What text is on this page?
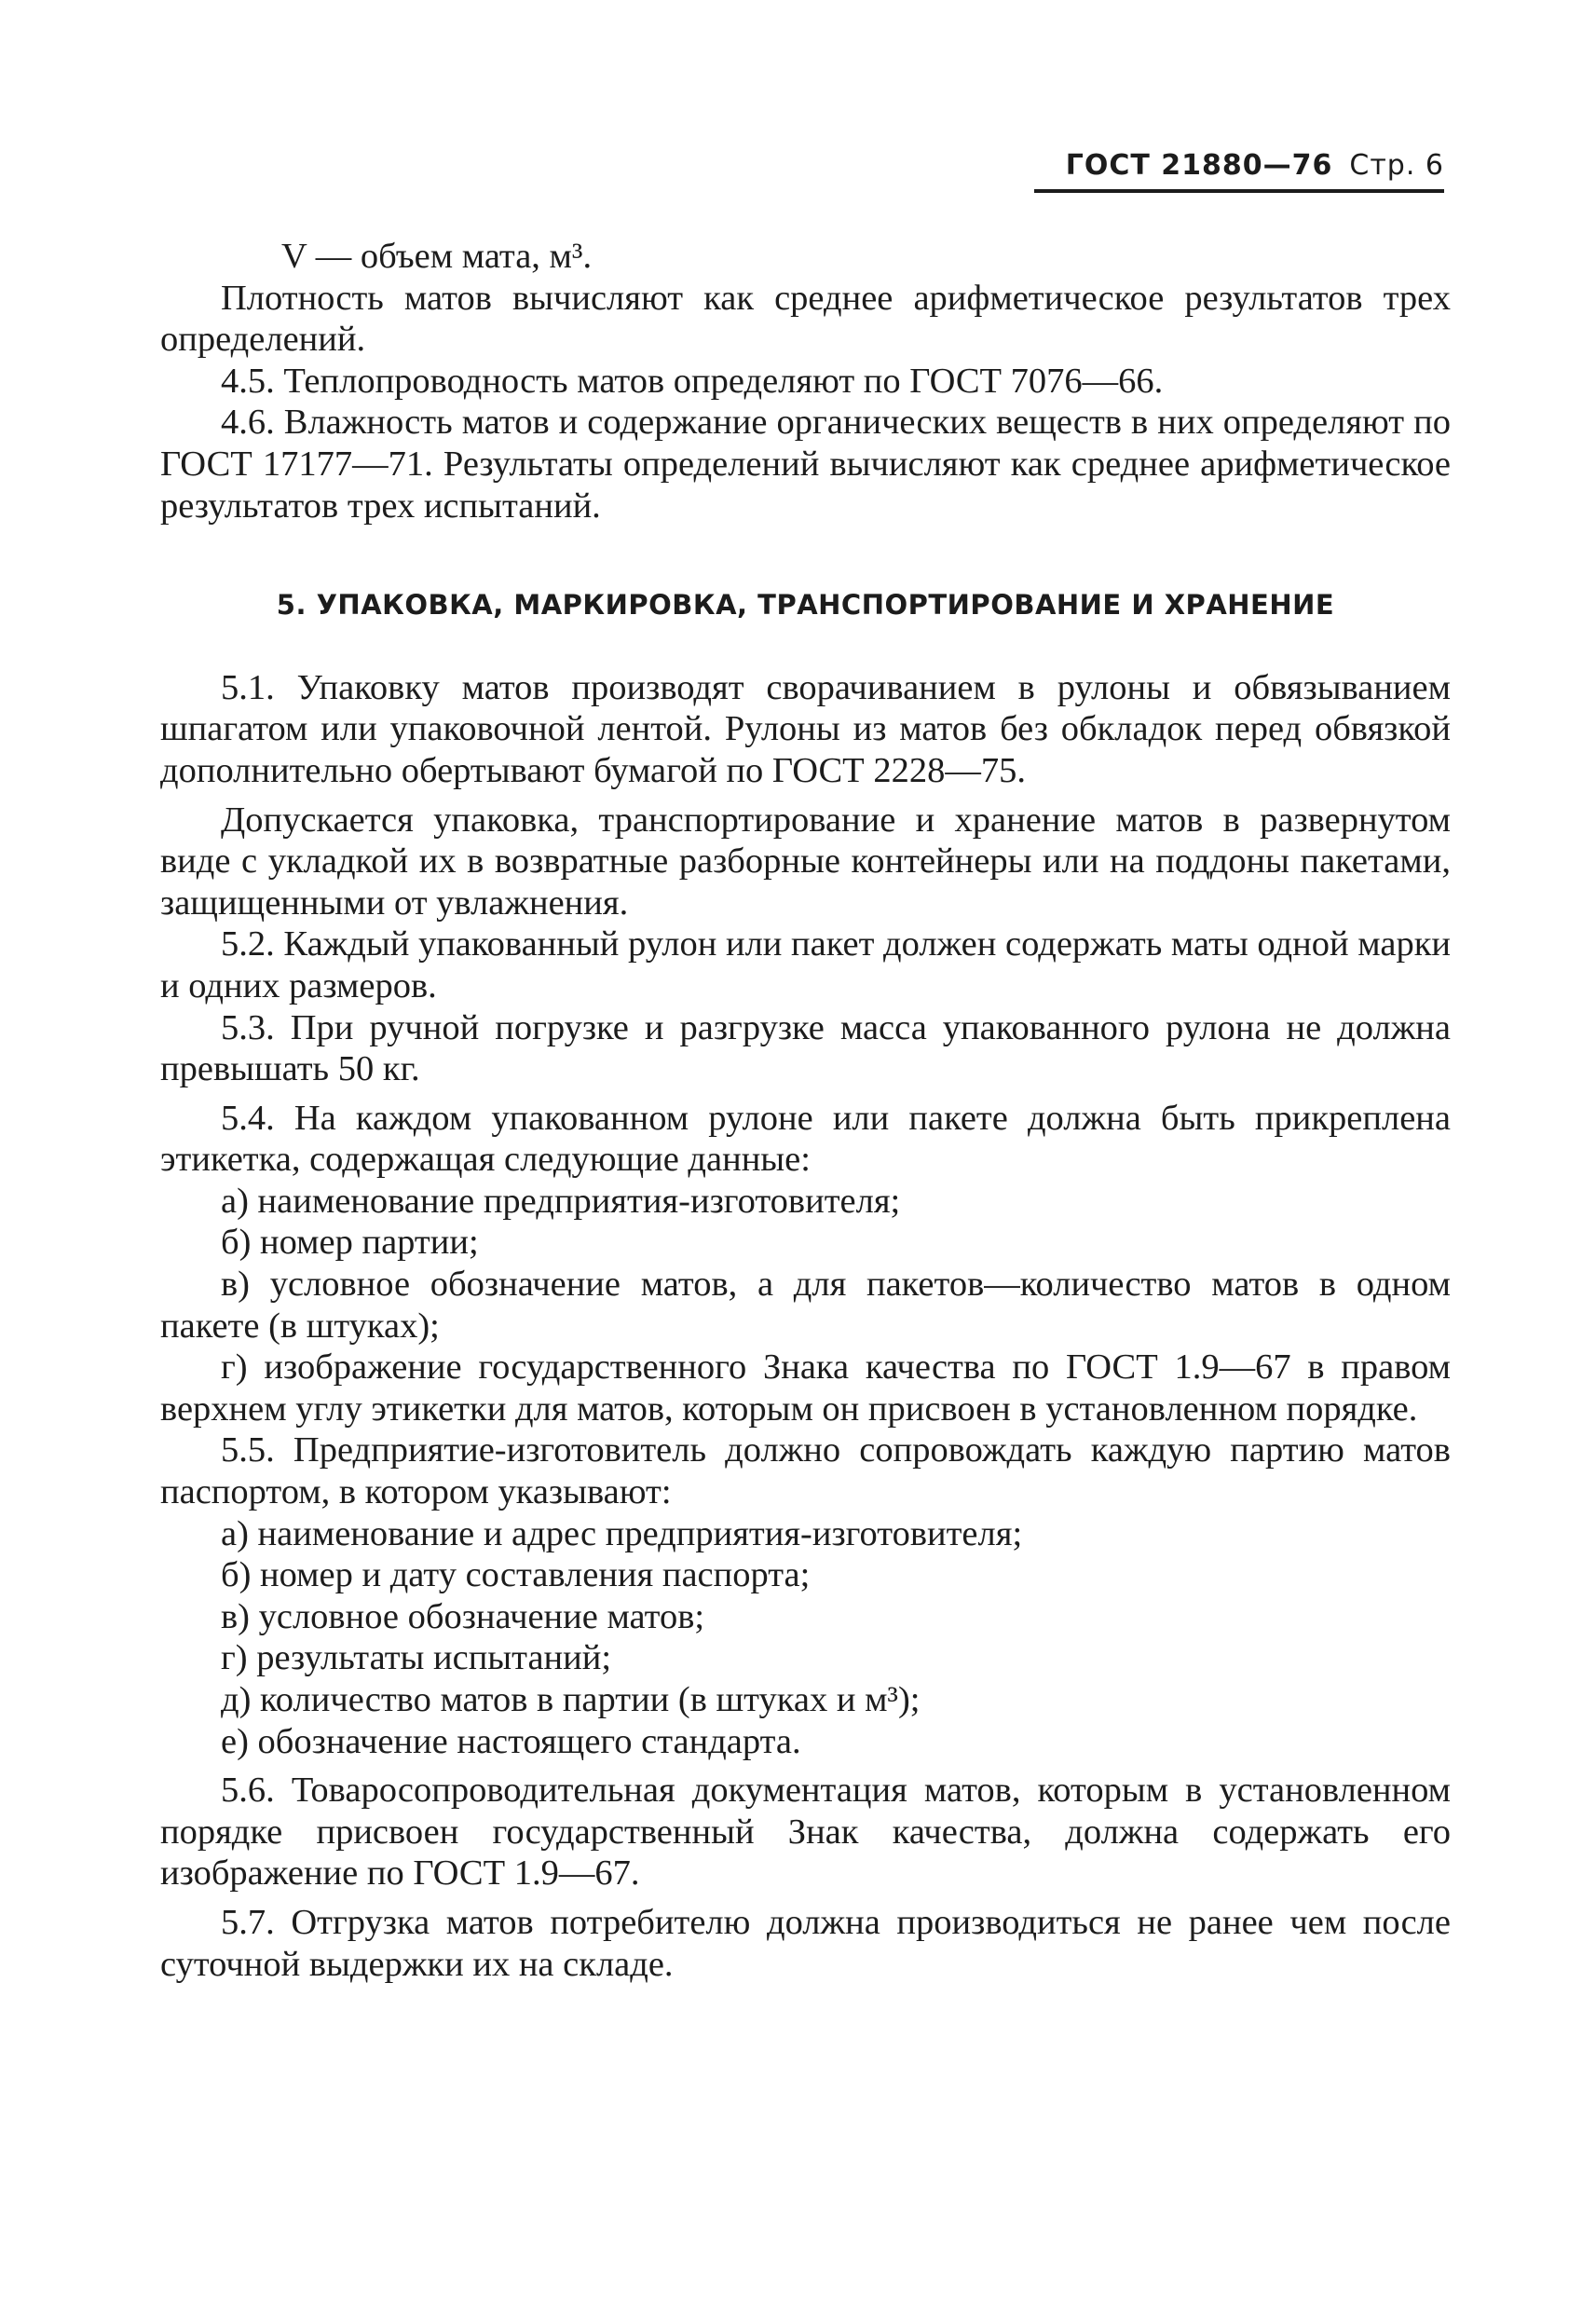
ГОСТ 21880—76 Стр. 6

V — объем мата, м³.

Плотность матов вычисляют как среднее арифметическое результатов трех определений.

4.5. Теплопроводность матов определяют по ГОСТ 7076—66.

4.6. Влажность матов и содержание органических веществ в них определяют по ГОСТ 17177—71. Результаты определений вычисляют как среднее арифметическое результатов трех испытаний.

5. УПАКОВКА, МАРКИРОВКА, ТРАНСПОРТИРОВАНИЕ И ХРАНЕНИЕ

5.1. Упаковку матов производят сворачиванием в рулоны и обвязыванием шпагатом или упаковочной лентой. Рулоны из матов без обкладок перед обвязкой дополнительно обертывают бумагой по ГОСТ 2228—75.

Допускается упаковка, транспортирование и хранение матов в развернутом виде с укладкой их в возвратные разборные контейнеры или на поддоны пакетами, защищенными от увлажнения.

5.2. Каждый упакованный рулон или пакет должен содержать маты одной марки и одних размеров.

5.3. При ручной погрузке и разгрузке масса упакованного рулона не должна превышать 50 кг.

5.4. На каждом упакованном рулоне или пакете должна быть прикреплена этикетка, содержащая следующие данные:

а) наименование предприятия-изготовителя;

б) номер партии;

в) условное обозначение матов, а для пакетов—количество матов в одном пакете (в штуках);

г) изображение государственного Знака качества по ГОСТ 1.9—67 в правом верхнем углу этикетки для матов, которым он присвоен в установленном порядке.

5.5. Предприятие-изготовитель должно сопровождать каждую партию матов паспортом, в котором указывают:

а) наименование и адрес предприятия-изготовителя;

б) номер и дату составления паспорта;

в) условное обозначение матов;

г) результаты испытаний;

д) количество матов в партии (в штуках и м³);

е) обозначение настоящего стандарта.

5.6. Товаросопроводительная документация матов, которым в установленном порядке присвоен государственный Знак качества, должна содержать его изображение по ГОСТ 1.9—67.

5.7. Отгрузка матов потребителю должна производиться не ранее чем после суточной выдержки их на складе.
